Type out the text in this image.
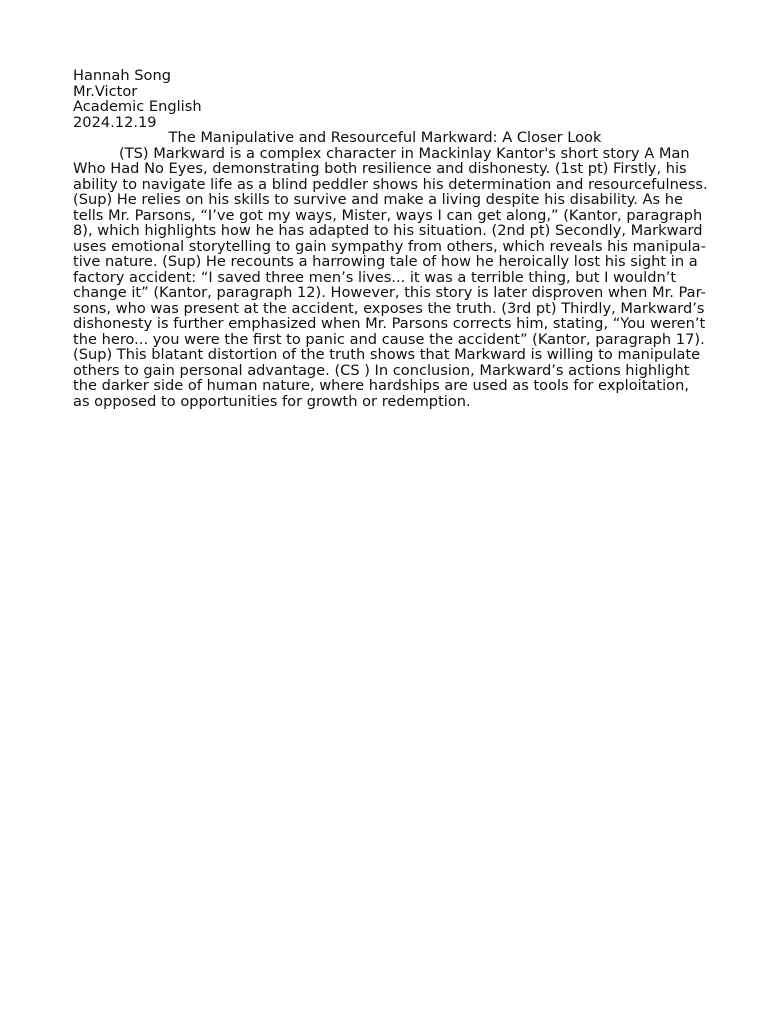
Hannah Song
Mr.Victor
Academic English
2024.12.19
The Manipulative and Resourceful Markward: A Closer Look
(TS) Markward is a complex character in Mackinlay Kantor's short story A Man
Who Had No Eyes, demonstrating both resilience and dishonesty. (1st pt) Firstly, his
ability to navigate life as a blind peddler shows his determination and resourcefulness.
(Sup) He relies on his skills to survive and make a living despite his disability. As he
tells Mr. Parsons, “I’ve got my ways, Mister, ways I can get along,” (Kantor, paragraph
8), which highlights how he has adapted to his situation. (2nd pt) Secondly, Markward
uses emotional storytelling to gain sympathy from others, which reveals his manipula-
tive nature. (Sup) He recounts a harrowing tale of how he heroically lost his sight in a
factory accident: “I saved three men’s lives... it was a terrible thing, but I wouldn’t
change it” (Kantor, paragraph 12). However, this story is later disproven when Mr. Par-
sons, who was present at the accident, exposes the truth. (3rd pt) Thirdly, Markward’s
dishonesty is further emphasized when Mr. Parsons corrects him, stating, “You weren’t
the hero... you were the first to panic and cause the accident” (Kantor, paragraph 17).
(Sup) This blatant distortion of the truth shows that Markward is willing to manipulate
others to gain personal advantage. (CS ) In conclusion, Markward’s actions highlight
the darker side of human nature, where hardships are used as tools for exploitation,
as opposed to opportunities for growth or redemption.
